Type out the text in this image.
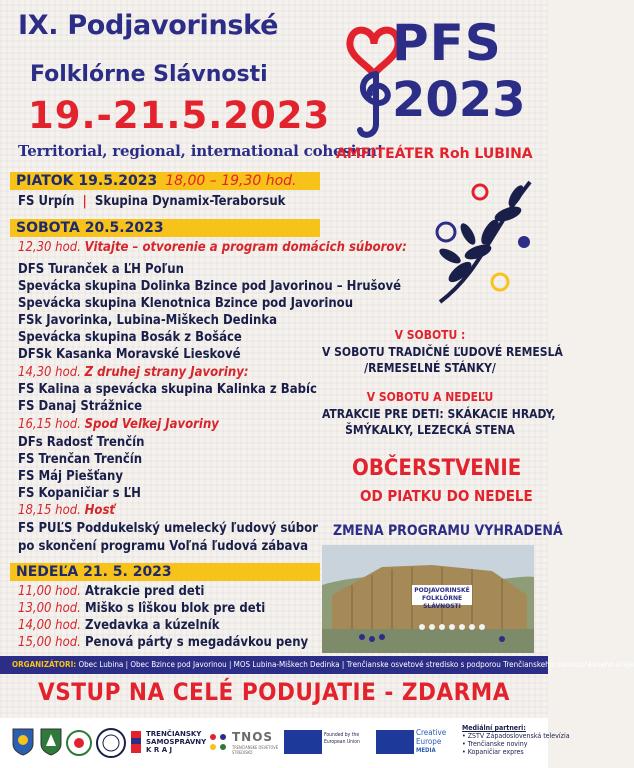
IX. Podjavorinské
Folklórne Slávnosti
19.-21.5.2023
Territorial, regional, international cohesion!
PFS
2023
AMFITEÁTER Roh LUBINA
PIATOK 19.5.2023 18,00 – 19,30 hod.
FS Urpín | Skupina Dynamix-Teraborsuk
SOBOTA 20.5.2023
12,30 hod. Vitajte – otvorenie a program domácich súborov:
DFS Turanček a ĽH Poľun
Spevácka skupina Dolinka Bzince pod Javorinou – Hrušové
Spevácka skupina Klenotnica Bzince pod Javorinou
FSk Javorinka, Lubina-Miškech Dedinka
Spevácka skupina Bosák z Bošáce
DFSk Kasanka Moravské Lieskové
14,30 hod. Z druhej strany Javoriny:
FS Kalina a spevácka skupina Kalinka z Babíc
FS Danaj Strážnice
16,15 hod. Spod Veľkej Javoriny
DFs Radosť Trenčín
FS Trenčan Trenčín
FS Máj Piešťany
FS Kopaničiar s ĽH
18,15 hod. Hosť
FS PUĽS Poddukelský umelecký ľudový súbor
po skončení programu Voľná ľudová zábava
NEDEĽA 21. 5. 2023
11,00 hod. Atrakcie pred deti
13,00 hod. Miško s lîškou blok pre deti
14,00 hod. Zvedavka a kúzelník
15,00 hod. Penová párty s megadávkou peny
V SOBOTU :
V SOBOTU TRADIČNÉ ĽUDOVÉ REMESLÁ
/REMESELNÉ STÁNKY/
V SOBOTU A NEDEĽU
ATRAKCIE PRE DETI: SKÁKACIE HRADY,
ŠMÝKALKY, LEZECKÁ STENA
OBČERSTVENIE
OD PIATKU DO NEDELE
ZMENA PROGRAMU VYHRADENÁ
PODJAVORINSKÉ
FOLKLÓRNE SLÁVNOSTI
ORGANIZÁTORI: Obec Lubina | Obec Bzince pod Javorinou | MOS Lubina-Miškech Dedinka | Trenčianske osvetové stredisko s podporou Trenčianskeho samosprávneho kraja
VSTUP NA CELÉ PODUJATIE - ZDARMA
TRENČIANSKY
SAMOSPRÁVNY
K R A J
TNOS
TRENČIANSKE OSVETOVÉ STREDISKO
Founded by the European Union
Creative
Europe
MEDIA
Mediální partneri:
• ZSTV Západoslovenská televízia
• Trenčianske noviny
• Kopaničiar expres
